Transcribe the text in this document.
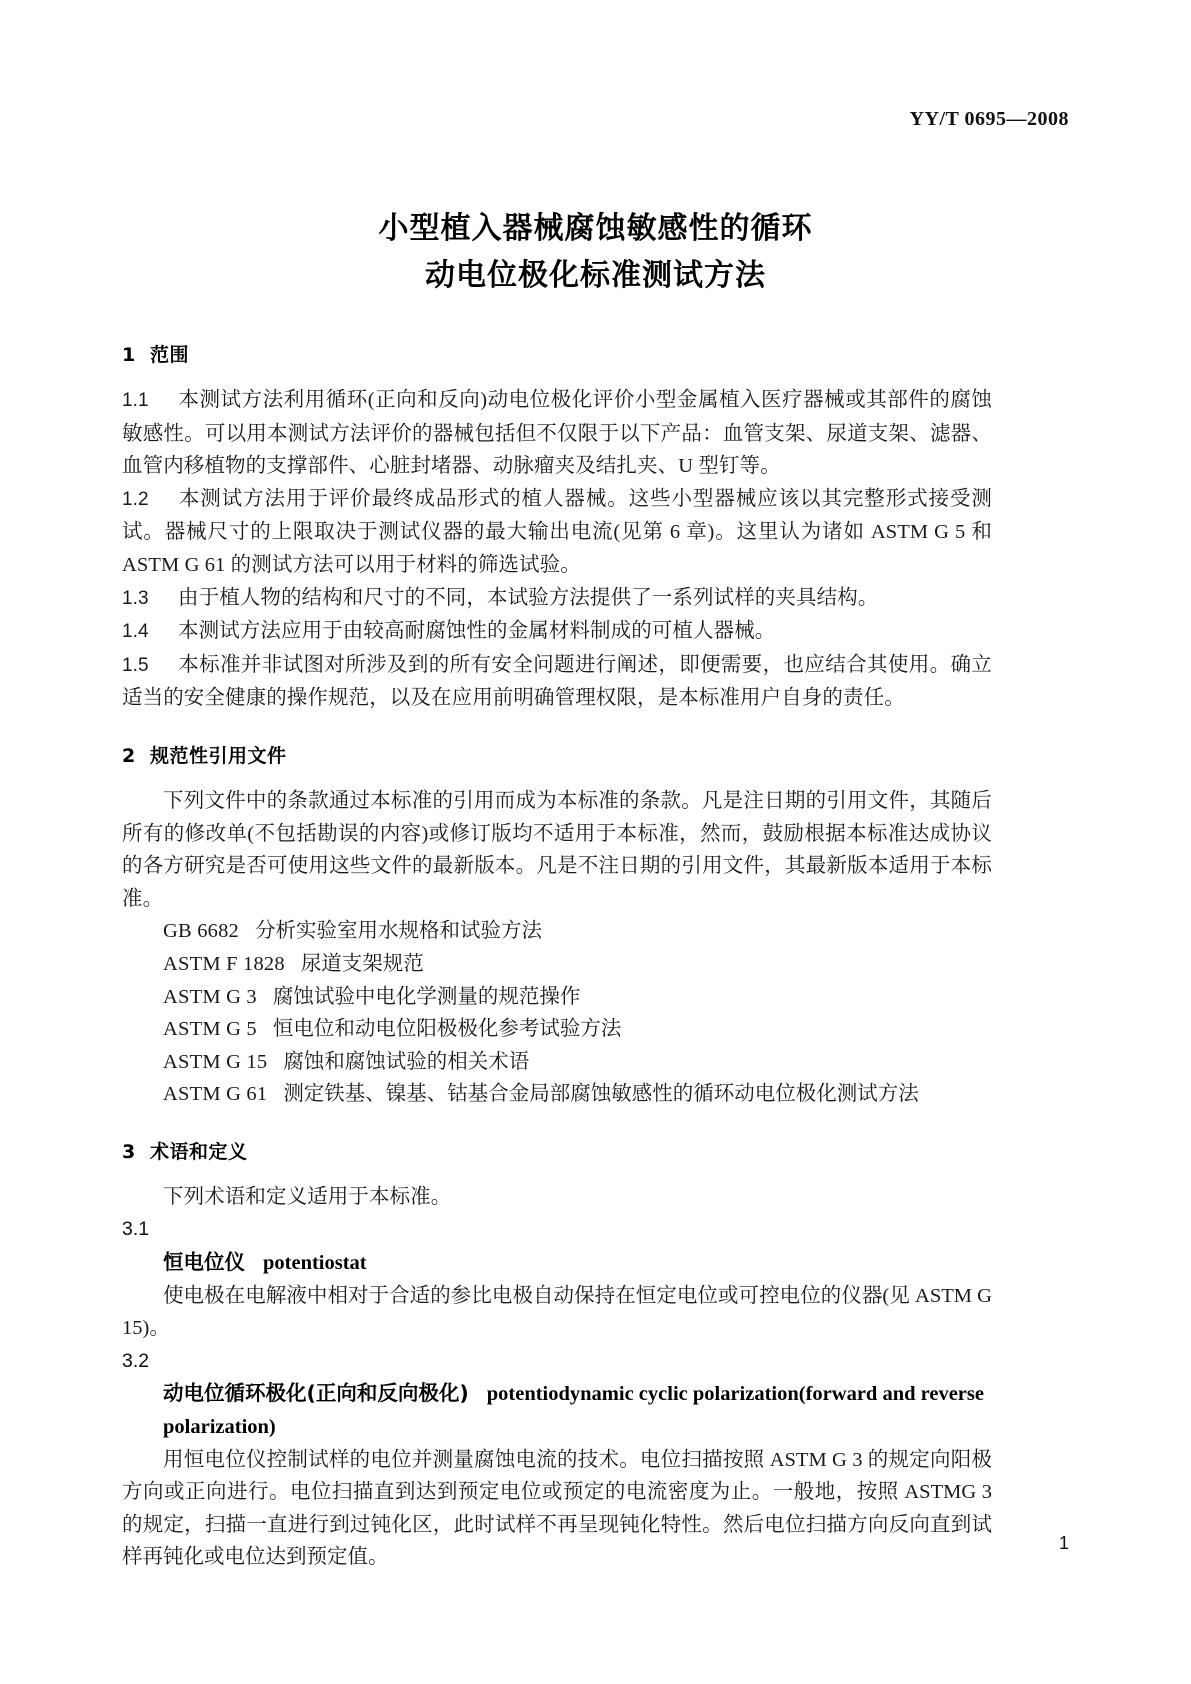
YY/T 0695—2008
小型植入器械腐蚀敏感性的循环
动电位极化标准测试方法
1 范围

1.1 本测试方法利用循环(正向和反向)动电位极化评价小型金属植入医疗器械或其部件的腐蚀敏感性。可以用本测试方法评价的器械包括但不仅限于以下产品：血管支架、尿道支架、滤器、血管内移植物的支撑部件、心脏封堵器、动脉瘤夹及结扎夹、U 型钉等。

1.2 本测试方法用于评价最终成品形式的植人器械。这些小型器械应该以其完整形式接受测试。器械尺寸的上限取决于测试仪器的最大输出电流(见第 6 章)。这里认为诸如 ASTM G 5 和 ASTM G 61 的测试方法可以用于材料的筛选试验。

1.3 由于植人物的结构和尺寸的不同，本试验方法提供了一系列试样的夹具结构。

1.4 本测试方法应用于由较高耐腐蚀性的金属材料制成的可植人器械。

1.5 本标准并非试图对所涉及到的所有安全问题进行阐述，即便需要，也应结合其使用。确立适当的安全健康的操作规范，以及在应用前明确管理权限，是本标准用户自身的责任。

2 规范性引用文件

下列文件中的条款通过本标准的引用而成为本标准的条款。凡是注日期的引用文件，其随后所有的修改单(不包括勘误的内容)或修订版均不适用于本标准，然而，鼓励根据本标准达成协议的各方研究是否可使用这些文件的最新版本。凡是不注日期的引用文件，其最新版本适用于本标准。

GB 6682 分析实验室用水规格和试验方法
ASTM F 1828 尿道支架规范
ASTM G 3 腐蚀试验中电化学测量的规范操作
ASTM G 5 恒电位和动电位阳极极化参考试验方法
ASTM G 15 腐蚀和腐蚀试验的相关术语
ASTM G 61 测定铁基、镍基、钴基合金局部腐蚀敏感性的循环动电位极化测试方法
3 术语和定义

下列术语和定义适用于本标准。

3.1

恒电位仪 potentiostat

使电极在电解液中相对于合适的参比电极自动保持在恒定电位或可控电位的仪器(见 ASTM G 15)。

3.2

动电位循环极化(正向和反向极化) potentiodynamic cyclic polarization(forward and reverse polarization)

用恒电位仪控制试样的电位并测量腐蚀电流的技术。电位扫描按照 ASTM G 3 的规定向阳极方向或正向进行。电位扫描直到达到预定电位或预定的电流密度为止。一般地，按照 ASTMG 3 的规定，扫描一直进行到过钝化区，此时试样不再呈现钝化特性。然后电位扫描方向反向直到试样再钝化或电位达到预定值。

1
